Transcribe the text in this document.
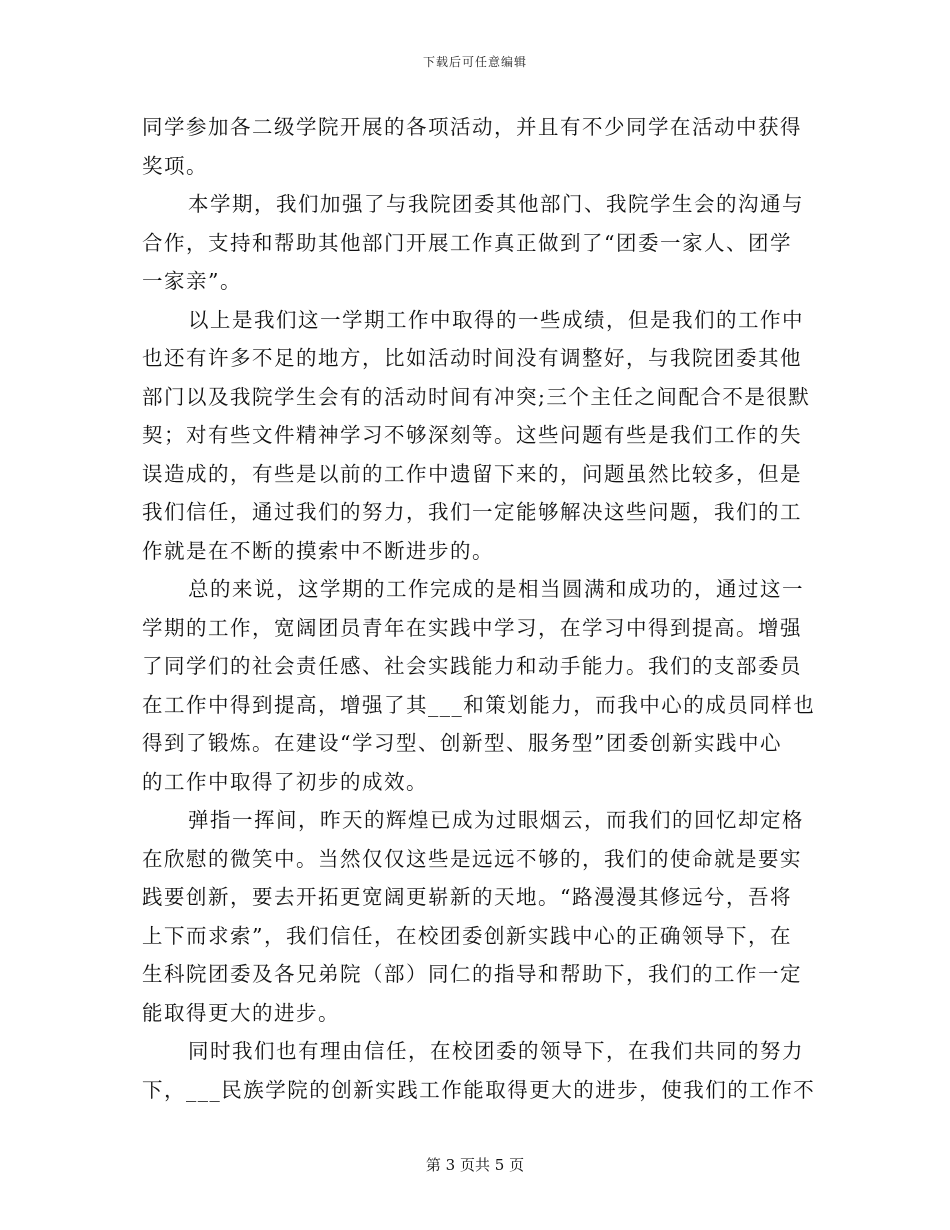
下载后可任意编辑
同学参加各二级学院开展的各项活动，并且有不少同学在活动中获得
奖项。
本学期，我们加强了与我院团委其他部门、我院学生会的沟通与
合作，支持和帮助其他部门开展工作真正做到了“团委一家人、团学
一家亲”。
以上是我们这一学期工作中取得的一些成绩，但是我们的工作中
也还有许多不足的地方，比如活动时间没有调整好，与我院团委其他
部门以及我院学生会有的活动时间有冲突;三个主任之间配合不是很默
契；对有些文件精神学习不够深刻等。这些问题有些是我们工作的失
误造成的，有些是以前的工作中遗留下来的，问题虽然比较多，但是
我们信任，通过我们的努力，我们一定能够解决这些问题，我们的工
作就是在不断的摸索中不断进步的。
总的来说，这学期的工作完成的是相当圆满和成功的，通过这一
学期的工作，宽阔团员青年在实践中学习，在学习中得到提高。增强
了同学们的社会责任感、社会实践能力和动手能力。我们的支部委员
在工作中得到提高，增强了其___和策划能力，而我中心的成员同样也
得到了锻炼。在建设“学习型、创新型、服务型”团委创新实践中心
的工作中取得了初步的成效。
弹指一挥间，昨天的辉煌已成为过眼烟云，而我们的回忆却定格
在欣慰的微笑中。当然仅仅这些是远远不够的，我们的使命就是要实
践要创新，要去开拓更宽阔更崭新的天地。“路漫漫其修远兮，吾将
上下而求索”，我们信任，在校团委创新实践中心的正确领导下，在
生科院团委及各兄弟院（部）同仁的指导和帮助下，我们的工作一定
能取得更大的进步。
同时我们也有理由信任，在校团委的领导下，在我们共同的努力
下，___民族学院的创新实践工作能取得更大的进步，使我们的工作不
第 3 页共 5 页
